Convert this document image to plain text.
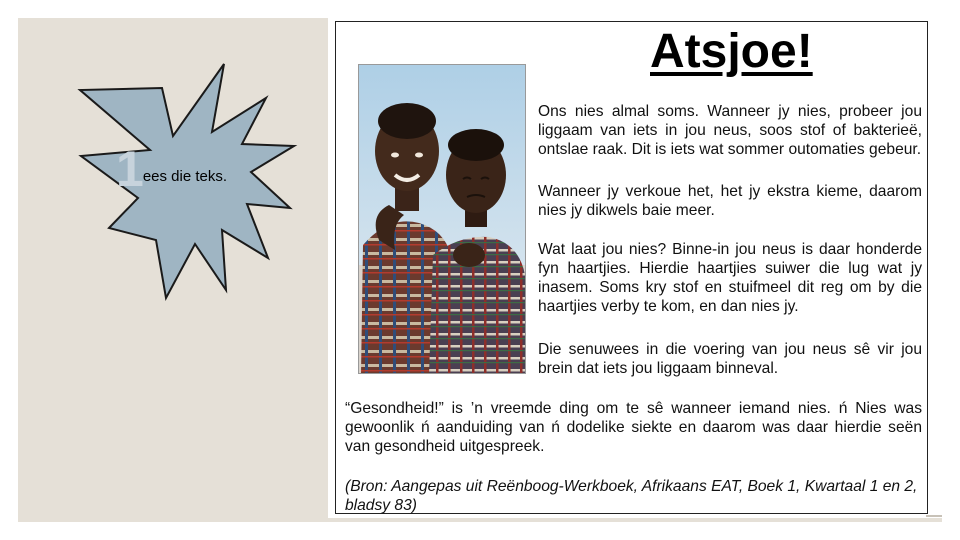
1 ees die teks.
Atsjoe!

Ons nies almal soms. Wanneer jy nies, probeer jou liggaam van iets in jou neus, soos stof of bakterieë, ontslae raak. Dit is iets wat sommer outomaties gebeur.

Wanneer jy verkoue het, het jy ekstra kieme, daarom nies jy dikwels baie meer.

Wat laat jou nies? Binne-in jou neus is daar honderde fyn haartjies. Hierdie haartjies suiwer die lug wat jy inasem. Soms kry stof en stuifmeel dit reg om by die haartjies verby te kom, en dan nies jy.

Die senuwees in die voering van jou neus sê vir jou brein dat iets jou liggaam binneval.

“Gesondheid!” is ’n vreemde ding om te sê wanneer iemand nies. ń Nies was gewoonlik ń aanduiding van ń dodelike siekte en daarom was daar hierdie seën van gesondheid uitgespreek.

(Bron: Aangepas uit Reënboog-Werkboek, Afrikaans EAT, Boek 1, Kwartaal 1 en 2, bladsy 83)
